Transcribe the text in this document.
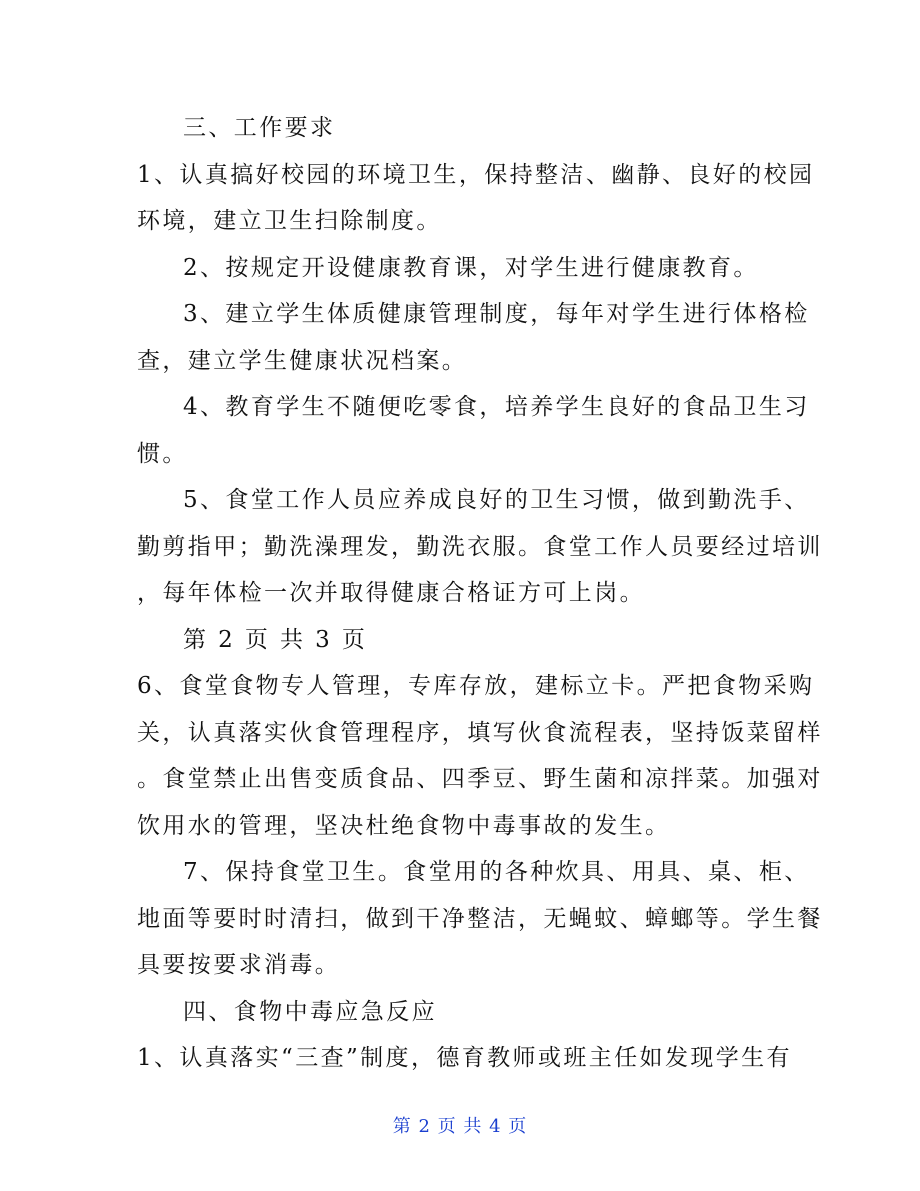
三、工作要求
1、认真搞好校园的环境卫生，保持整洁、幽静、良好的校园
环境，建立卫生扫除制度。
2、按规定开设健康教育课，对学生进行健康教育。
3、建立学生体质健康管理制度，每年对学生进行体格检
查，建立学生健康状况档案。
4、教育学生不随便吃零食，培养学生良好的食品卫生习
惯。
5、食堂工作人员应养成良好的卫生习惯，做到勤洗手、
勤剪指甲；勤洗澡理发，勤洗衣服。食堂工作人员要经过培训
，每年体检一次并取得健康合格证方可上岗。
第 2 页 共 3 页
6、食堂食物专人管理，专库存放，建标立卡。严把食物采购
关，认真落实伙食管理程序，填写伙食流程表，坚持饭菜留样
。食堂禁止出售变质食品、四季豆、野生菌和凉拌菜。加强对
饮用水的管理，坚决杜绝食物中毒事故的发生。
7、保持食堂卫生。食堂用的各种炊具、用具、桌、柜、
地面等要时时清扫，做到干净整洁，无蝇蚊、蟑螂等。学生餐
具要按要求消毒。
四、食物中毒应急反应
1、认真落实“三查”制度，德育教师或班主任如发现学生有
第 2 页 共 4 页
